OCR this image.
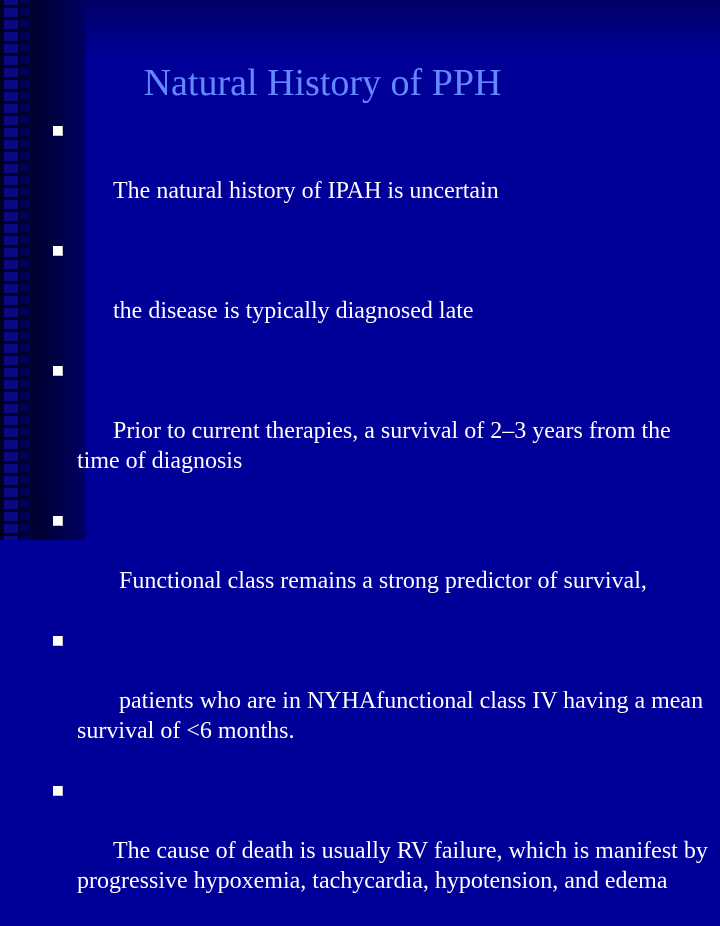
Natural History of PPH

The natural history of IPAH is uncertain

the disease is typically diagnosed late

Prior to current therapies, a survival of 2–3 years from the time of diagnosis

Functional class remains a strong predictor of survival,

patients who are in NYHAfunctional class IV having a mean survival of <6 months.

The cause of death is usually RV failure, which is manifest by progressive hypoxemia, tachycardia, hypotension, and edema
